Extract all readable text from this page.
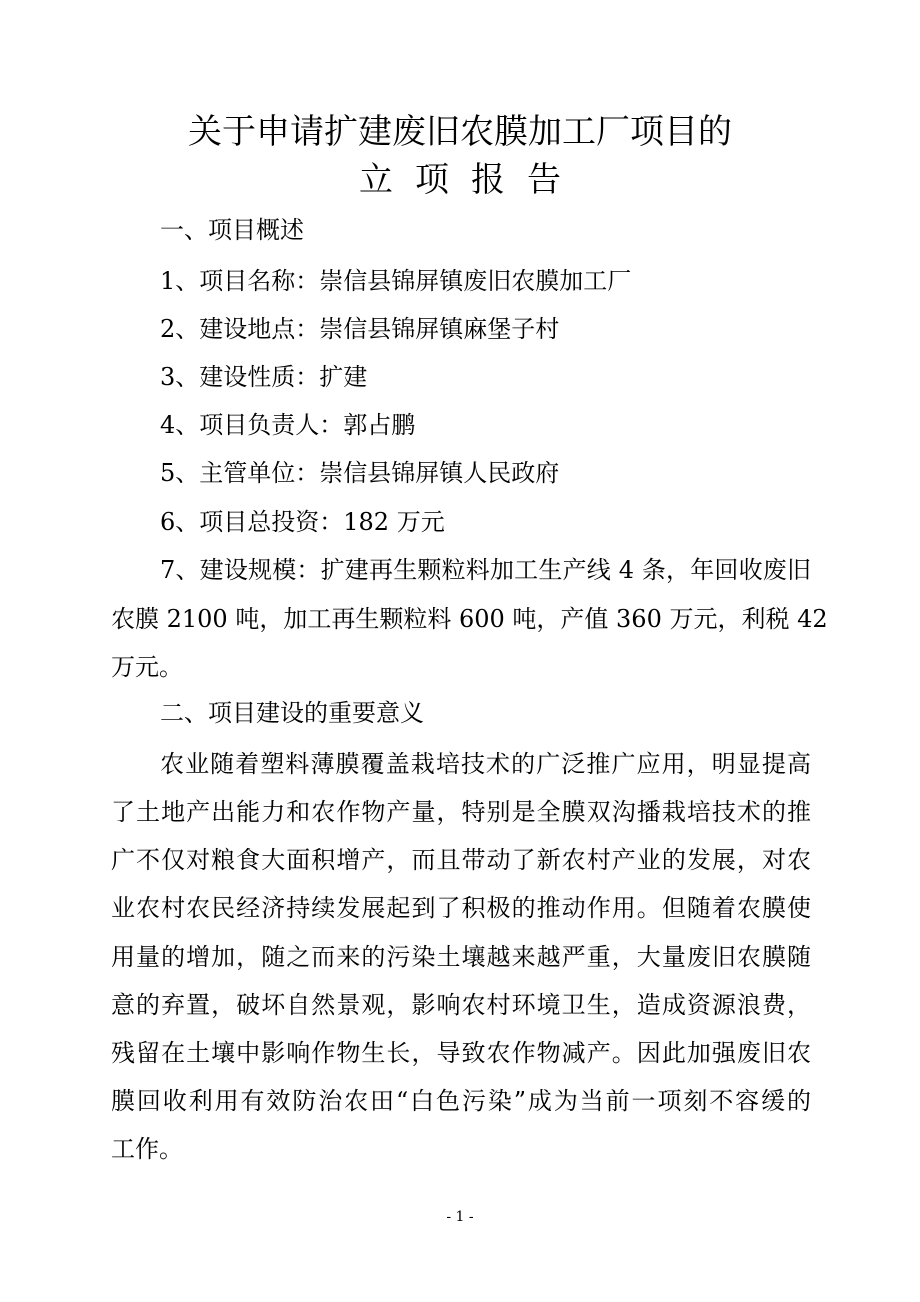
关于申请扩建废旧农膜加工厂项目的
立项报告
一、项目概述
1、项目名称：崇信县锦屏镇废旧农膜加工厂
2、建设地点：崇信县锦屏镇麻堡子村
3、建设性质：扩建
4、项目负责人：郭占鹏
5、主管单位：崇信县锦屏镇人民政府
6、项目总投资：182 万元
7、建设规模：扩建再生颗粒料加工生产线 4 条，年回收废旧
农膜 2100 吨，加工再生颗粒料 600 吨，产值 360 万元，利税 42
万元。
二、项目建设的重要意义
农业随着塑料薄膜覆盖栽培技术的广泛推广应用，明显提高
了土地产出能力和农作物产量，特别是全膜双沟播栽培技术的推
广不仅对粮食大面积增产，而且带动了新农村产业的发展，对农
业农村农民经济持续发展起到了积极的推动作用。但随着农膜使
用量的增加，随之而来的污染土壤越来越严重，大量废旧农膜随
意的弃置，破坏自然景观，影响农村环境卫生，造成资源浪费，
残留在土壤中影响作物生长，导致农作物减产。因此加强废旧农
膜回收利用有效防治农田“白色污染”成为当前一项刻不容缓的
工作。
- 1 -
